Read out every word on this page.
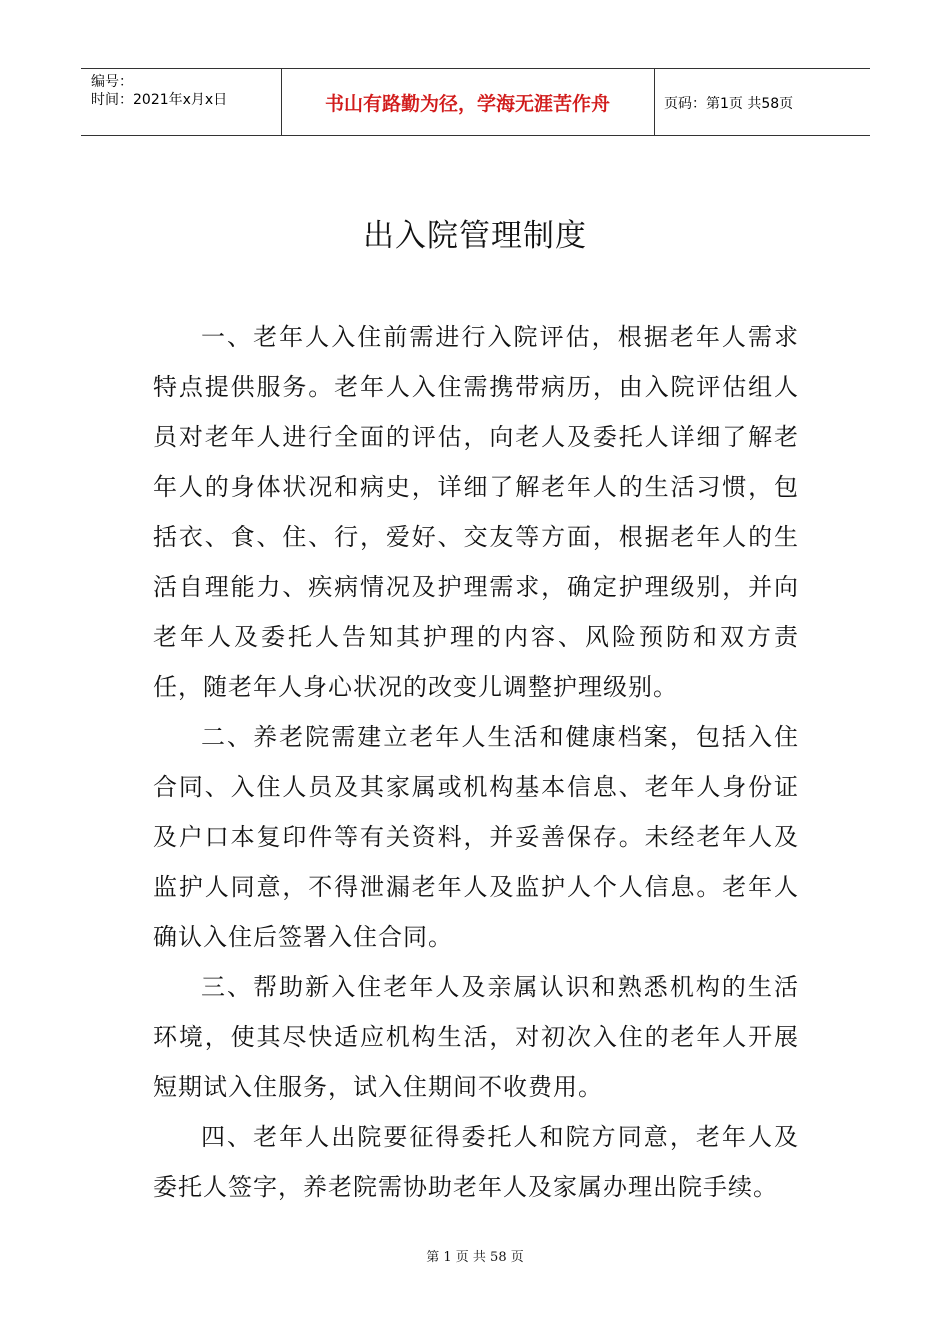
编号：
时间：2021年x月x日	书山有路勤为径，学海无涯苦作舟	页码：第1页 共58页
出入院管理制度

一、老年人入住前需进行入院评估，根据老年人需求特点提供服务。老年人入住需携带病历，由入院评估组人员对老年人进行全面的评估，向老人及委托人详细了解老年人的身体状况和病史，详细了解老年人的生活习惯，包括衣、食、住、行，爱好、交友等方面，根据老年人的生活自理能力、疾病情况及护理需求，确定护理级别，并向老年人及委托人告知其护理的内容、风险预防和双方责任，随老年人身心状况的改变儿调整护理级别。

二、养老院需建立老年人生活和健康档案，包括入住合同、入住人员及其家属或机构基本信息、老年人身份证及户口本复印件等有关资料，并妥善保存。未经老年人及监护人同意，不得泄漏老年人及监护人个人信息。老年人确认入住后签署入住合同。

三、帮助新入住老年人及亲属认识和熟悉机构的生活环境，使其尽快适应机构生活，对初次入住的老年人开展短期试入住服务，试入住期间不收费用。

四、老年人出院要征得委托人和院方同意，老年人及委托人签字，养老院需协助老年人及家属办理出院手续。

第 1 页 共 58 页
